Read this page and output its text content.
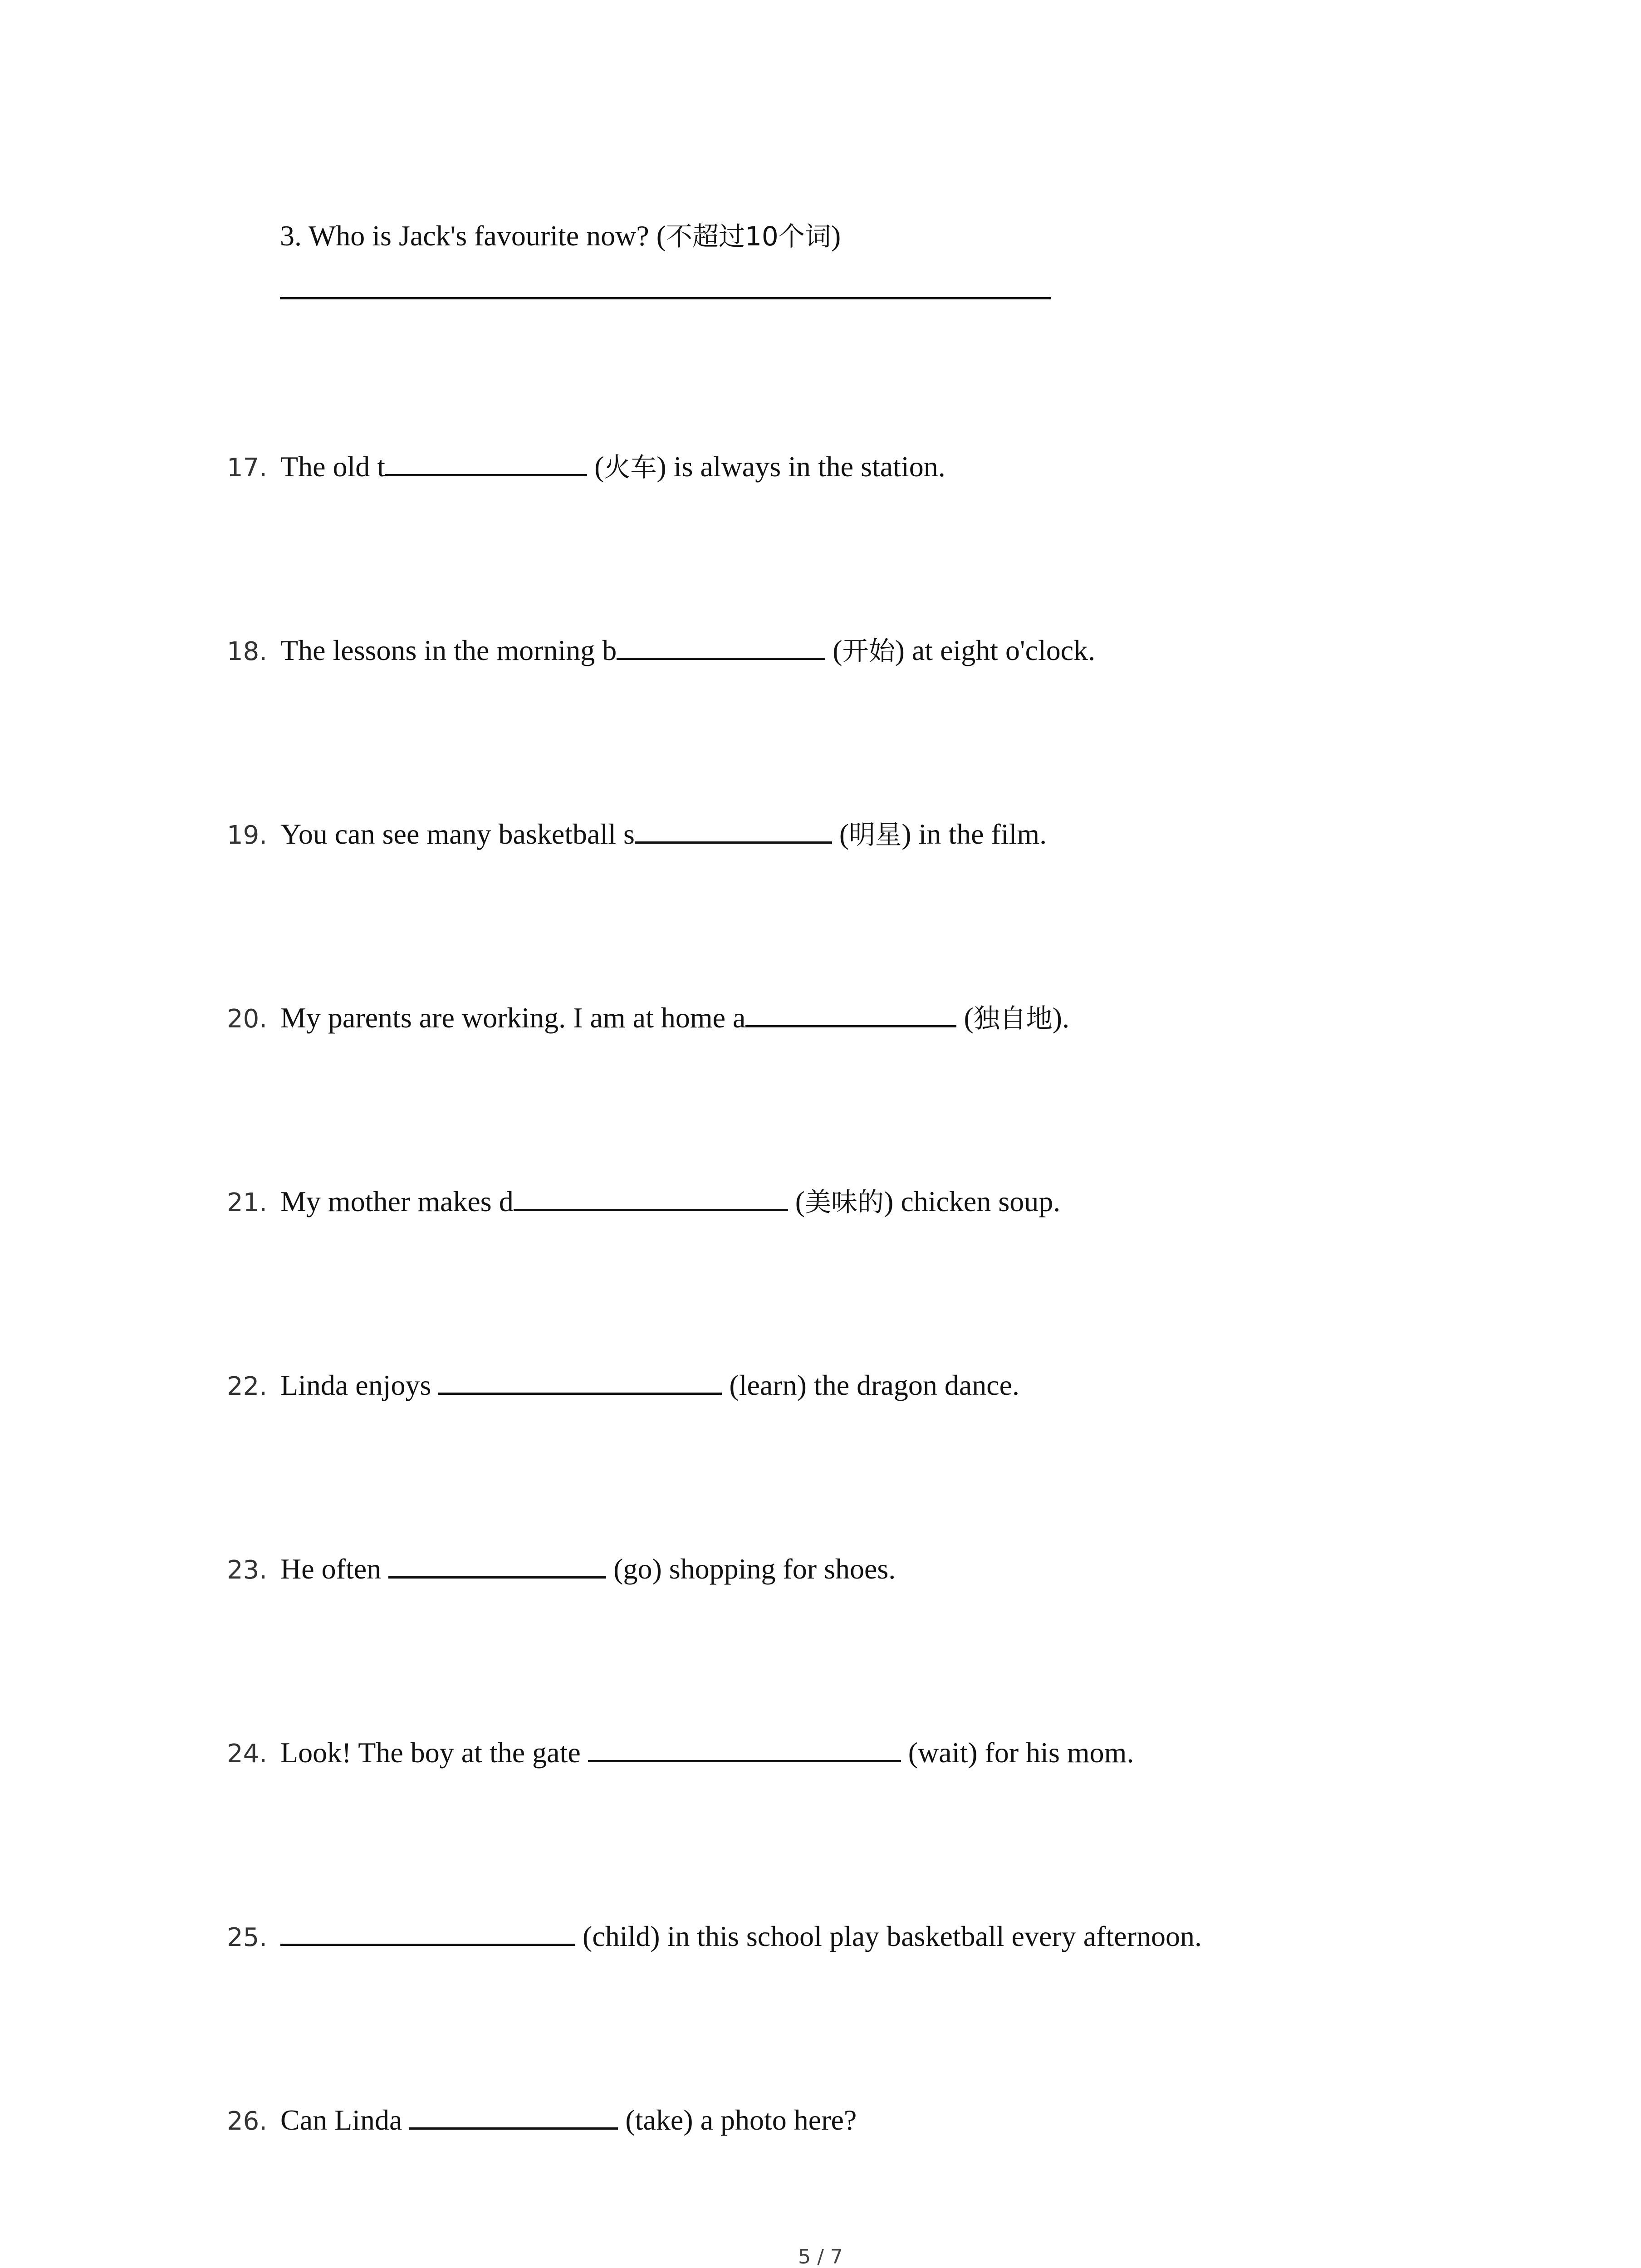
3. Who is Jack's favourite now? (不超过10个词)
17. The old t	(火车) is always in the station.
18. The lessons in the morning b	(开始) at eight o'clock.
19. You can see many basketball s	(明星) in the film.
20. My parents are working. I am at home a	(独自地).
21. My mother makes d	(美味的) chicken soup.
22. Linda enjoys	(learn) the dragon dance.
23. He often	(go) shopping for shoes.
24. Look! The boy at the gate	(wait) for his mom.
25.	(child) in this school play basketball every afternoon.
26. Can Linda	(take) a photo here?
5 / 7
